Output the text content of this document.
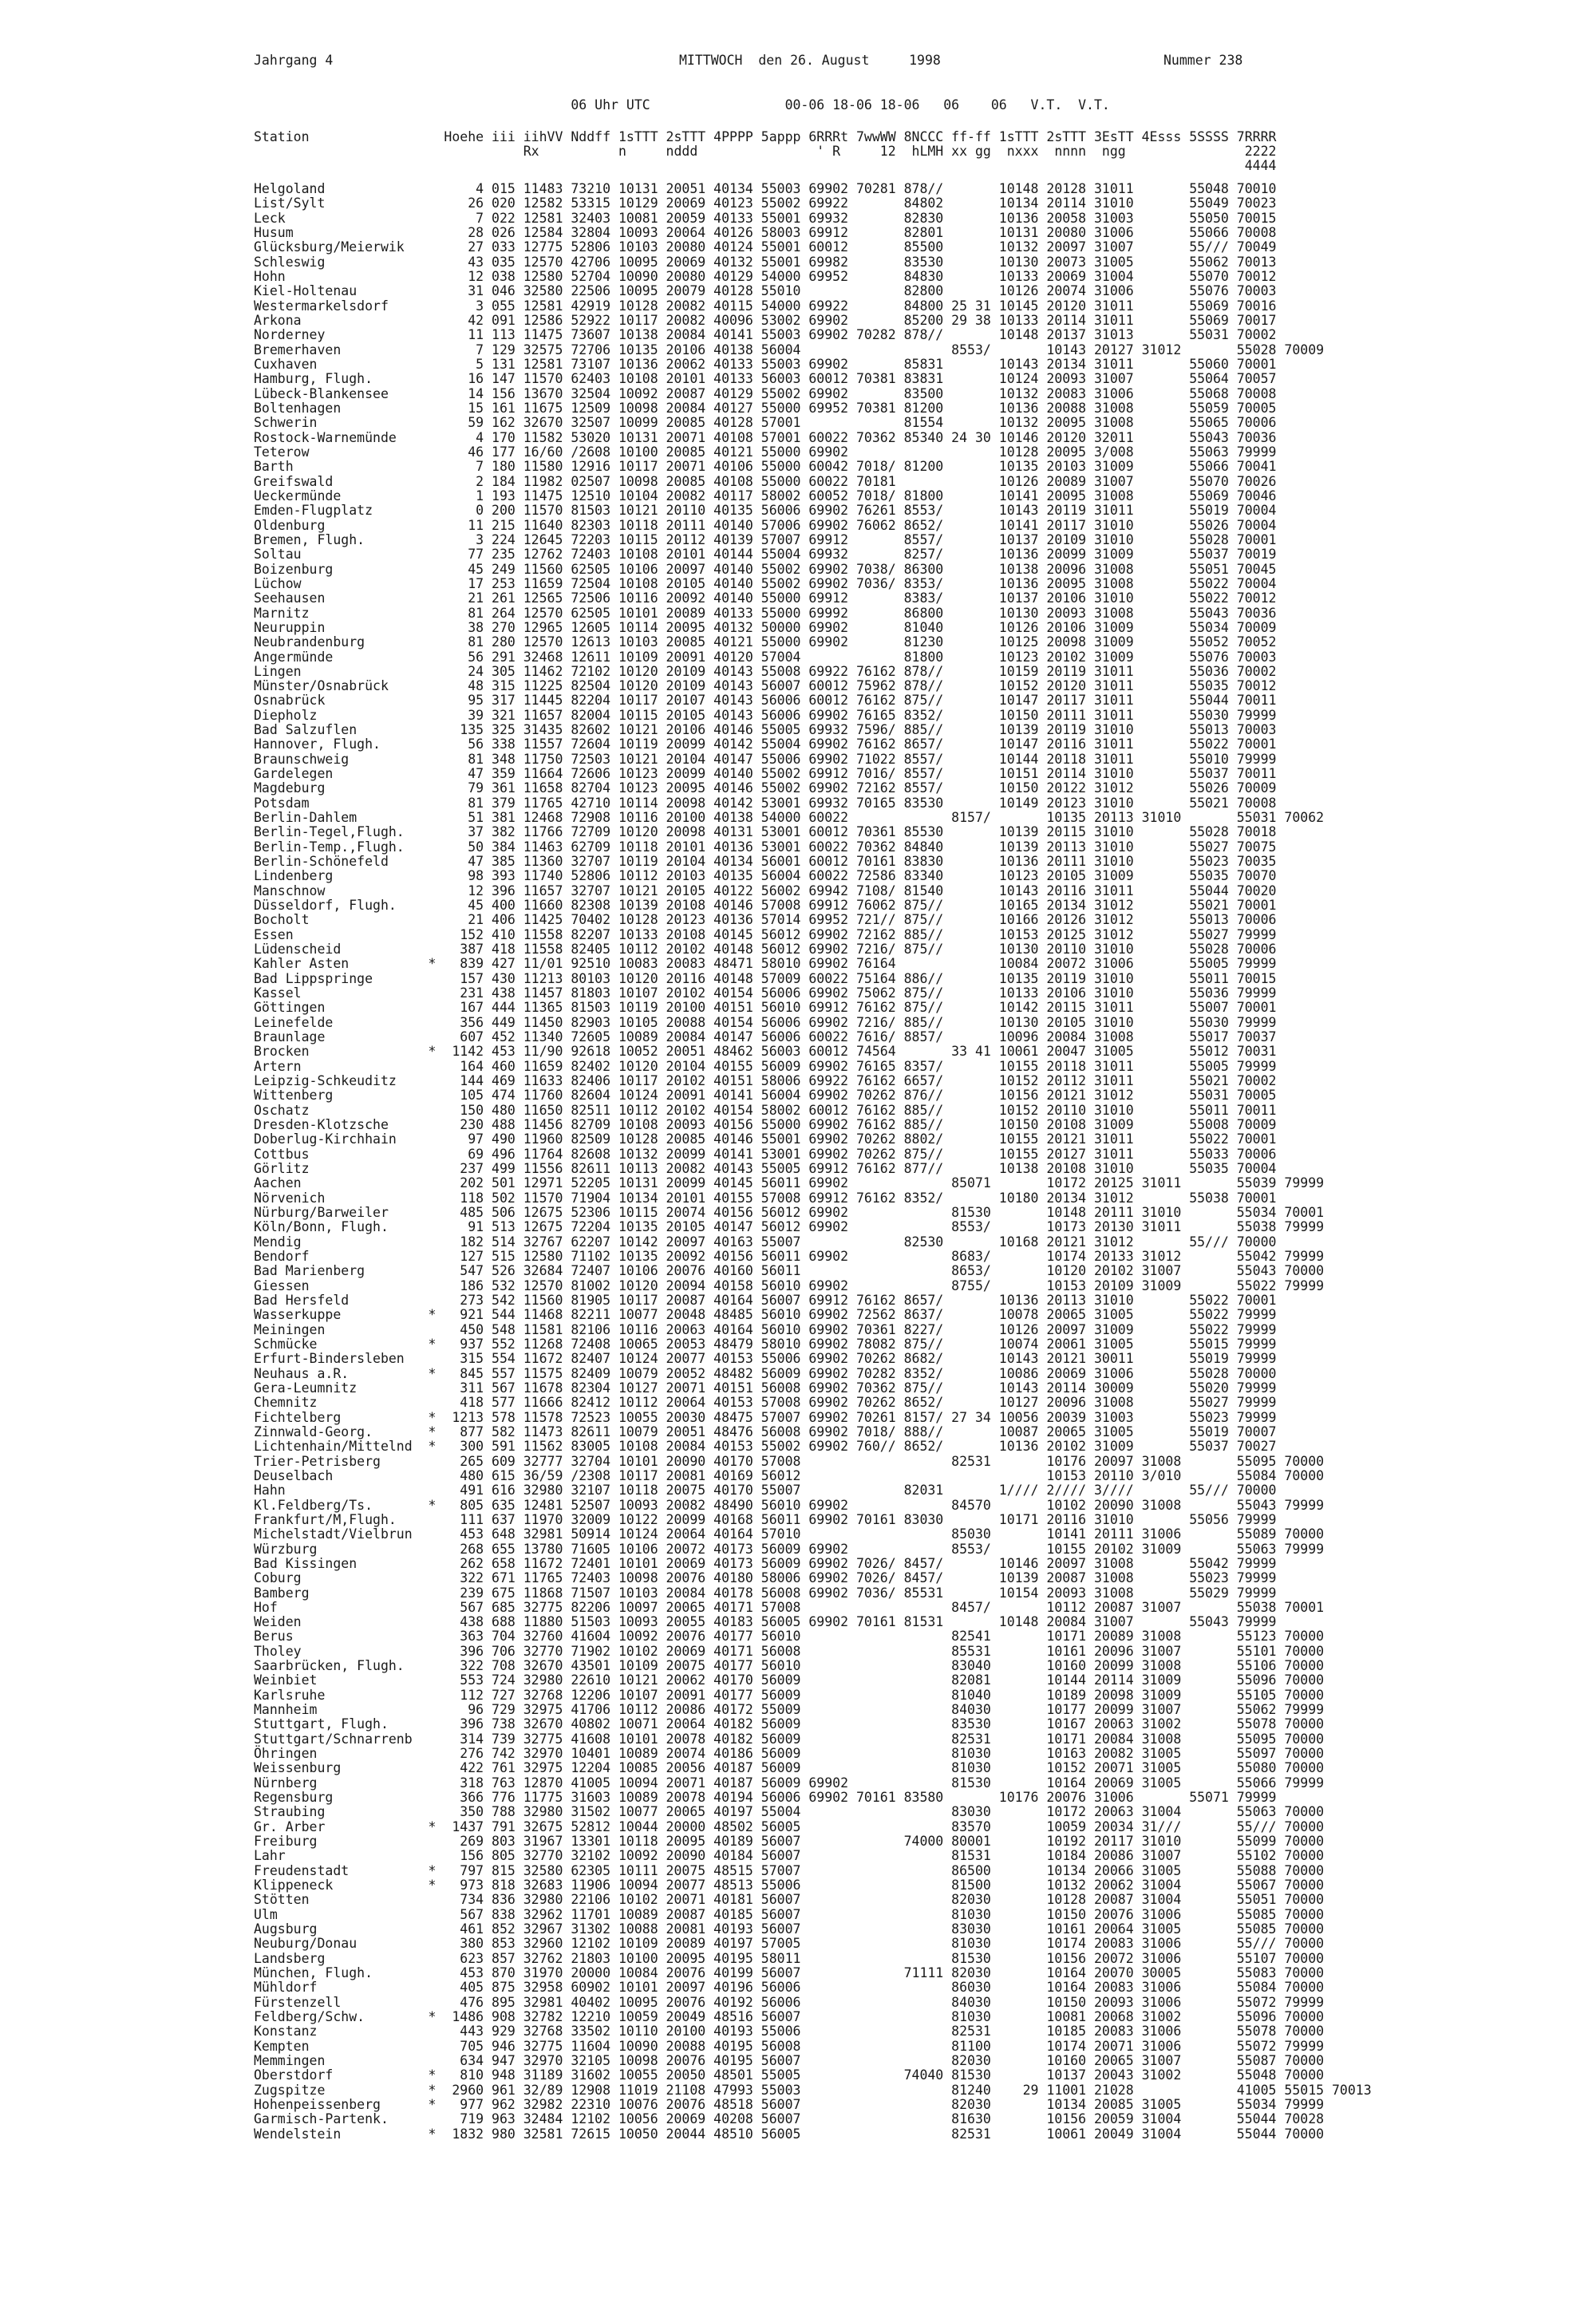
Jahrgang 4	MITTWOCH  den 26. August     1998	Nummer 238
06 Uhr UTC                 00-06 18-06 18-06   06    06   V.T.  V.T.
Station                 Hoehe iii iihVV Nddff 1sTTT 2sTTT 4PPPP 5appp 6RRRt 7wwWW 8NCCC ff-ff 1sTTT 2sTTT 3EsTT 4Esss 5SSSS 7RRRR
Rx          n     nddd               ' R     12  hLMH xx gg  nxxx  nnnn  ngg               2222
4444
Helgoland                   4 015 11483 73210 10131 20051 40134 55003 69902 70281 878//       10148 20128 31011       55048 70010
List/Sylt                  26 020 12582 53315 10129 20069 40123 55002 69922       84802       10134 20114 31010       55049 70023
Leck                        7 022 12581 32403 10081 20059 40133 55001 69932       82830       10136 20058 31003       55050 70015
Husum                      28 026 12584 32804 10093 20064 40126 58003 69912       82801       10131 20080 31006       55066 70008
Glücksburg/Meierwik        27 033 12775 52806 10103 20080 40124 55001 60012       85500       10132 20097 31007       55/// 70049
Schleswig                  43 035 12570 42706 10095 20069 40132 55001 69982       83530       10130 20073 31005       55062 70013
Hohn                       12 038 12580 52704 10090 20080 40129 54000 69952       84830       10133 20069 31004       55070 70012
Kiel-Holtenau              31 046 32580 22506 10095 20079 40128 55010             82800       10126 20074 31006       55076 70003
Westermarkelsdorf           3 055 12581 42919 10128 20082 40115 54000 69922       84800 25 31 10145 20120 31011       55069 70016
Arkona                     42 091 12586 52922 10117 20082 40096 53002 69902       85200 29 38 10133 20114 31011       55069 70017
Norderney                  11 113 11475 73607 10138 20084 40141 55003 69902 70282 878//       10148 20137 31013       55031 70002
Bremerhaven                 7 129 32575 72706 10135 20106 40138 56004                   8553/       10143 20127 31012       55028 70009
Cuxhaven                    5 131 12581 73107 10136 20062 40133 55003 69902       85831       10143 20134 31011       55060 70001
Hamburg, Flugh.            16 147 11570 62403 10108 20101 40133 56003 60012 70381 83831       10124 20093 31007       55064 70057
Lübeck-Blankensee          14 156 13670 32504 10092 20087 40129 55002 69902       83500       10132 20083 31006       55068 70008
Boltenhagen                15 161 11675 12509 10098 20084 40127 55000 69952 70381 81200       10136 20088 31008       55059 70005
Schwerin                   59 162 32670 32507 10099 20085 40128 57001             81554       10132 20095 31008       55065 70006
Rostock-Warnemünde          4 170 11582 53020 10131 20071 40108 57001 60022 70362 85340 24 30 10146 20120 32011       55043 70036
Teterow                    46 177 16/60 /2608 10100 20085 40121 55000 69902                   10128 20095 3/008       55063 79999
Barth                       7 180 11580 12916 10117 20071 40106 55000 60042 7018/ 81200       10135 20103 31009       55066 70041
Greifswald                  2 184 11982 02507 10098 20085 40108 55000 60022 70181             10126 20089 31007       55070 70026
Ueckermünde                 1 193 11475 12510 10104 20082 40117 58002 60052 7018/ 81800       10141 20095 31008       55069 70046
Emden-Flugplatz             0 200 11570 81503 10121 20110 40135 56006 69902 76261 8553/       10143 20119 31011       55019 70004
Oldenburg                  11 215 11640 82303 10118 20111 40140 57006 69902 76062 8652/       10141 20117 31010       55026 70004
Bremen, Flugh.              3 224 12645 72203 10115 20112 40139 57007 69912       8557/       10137 20109 31010       55028 70001
Soltau                     77 235 12762 72403 10108 20101 40144 55004 69932       8257/       10136 20099 31009       55037 70019
Boizenburg                 45 249 11560 62505 10106 20097 40140 55002 69902 7038/ 86300       10138 20096 31008       55051 70045
Lüchow                     17 253 11659 72504 10108 20105 40140 55002 69902 7036/ 8353/       10136 20095 31008       55022 70004
Seehausen                  21 261 12565 72506 10116 20092 40140 55000 69912       8383/       10137 20106 31010       55022 70012
Marnitz                    81 264 12570 62505 10101 20089 40133 55000 69992       86800       10130 20093 31008       55043 70036
Neuruppin                  38 270 12965 12605 10114 20095 40132 50000 69902       81040       10126 20106 31009       55034 70009
Neubrandenburg             81 280 12570 12613 10103 20085 40121 55000 69902       81230       10125 20098 31009       55052 70052
Angermünde                 56 291 32468 12611 10109 20091 40120 57004             81800       10123 20102 31009       55076 70003
Lingen                     24 305 11462 72102 10120 20109 40143 55008 69922 76162 878//       10159 20119 31011       55036 70002
Münster/Osnabrück          48 315 11225 82504 10120 20109 40143 56007 60012 75962 878//       10152 20120 31011       55035 70012
Osnabrück                  95 317 11445 82204 10117 20107 40143 56006 60012 76162 875//       10147 20117 31011       55044 70011
Diepholz                   39 321 11657 82004 10115 20105 40143 56006 69902 76165 8352/       10150 20111 31011       55030 79999
Bad Salzuflen             135 325 31435 82602 10121 20106 40146 55005 69932 7596/ 885//       10139 20119 31010       55013 70003
Hannover, Flugh.           56 338 11557 72604 10119 20099 40142 55004 69902 76162 8657/       10147 20116 31011       55022 70001
Braunschweig               81 348 11750 72503 10121 20104 40147 55006 69902 71022 8557/       10144 20118 31011       55010 79999
Gardelegen                 47 359 11664 72606 10123 20099 40140 55002 69912 7016/ 8557/       10151 20114 31010       55037 70011
Magdeburg                  79 361 11658 82704 10123 20095 40146 55002 69902 72162 8557/       10150 20122 31012       55026 70009
Potsdam                    81 379 11765 42710 10114 20098 40142 53001 69932 70165 83530       10149 20123 31010       55021 70008
Berlin-Dahlem              51 381 12468 72908 10116 20100 40138 54000 60022             8157/       10135 20113 31010       55031 70062
Berlin-Tegel,Flugh.        37 382 11766 72709 10120 20098 40131 53001 60012 70361 85530       10139 20115 31010       55028 70018
Berlin-Temp.,Flugh.        50 384 11463 62709 10118 20101 40136 53001 60022 70362 84840       10139 20113 31010       55027 70075
Berlin-Schönefeld          47 385 11360 32707 10119 20104 40134 56001 60012 70161 83830       10136 20111 31010       55023 70035
Lindenberg                 98 393 11740 52806 10112 20103 40135 56004 60022 72586 83340       10123 20105 31009       55035 70070
Manschnow                  12 396 11657 32707 10121 20105 40122 56002 69942 7108/ 81540       10143 20116 31011       55044 70020
Düsseldorf, Flugh.         45 400 11660 82308 10139 20108 40146 57008 69912 76062 875//       10165 20134 31012       55021 70001
Bocholt                    21 406 11425 70402 10128 20123 40136 57014 69952 721// 875//       10166 20126 31012       55013 70006
Essen                     152 410 11558 82207 10133 20108 40145 56012 69902 72162 885//       10153 20125 31012       55027 79999
Lüdenscheid               387 418 11558 82405 10112 20102 40148 56012 69902 7216/ 875//       10130 20110 31010       55028 70006
Kahler Asten          *   839 427 11/01 92510 10083 20083 48471 58010 69902 76164             10084 20072 31006       55005 79999
Bad Lippspringe           157 430 11213 80103 10120 20116 40148 57009 60022 75164 886//       10135 20119 31010       55011 70015
Kassel                    231 438 11457 81803 10107 20102 40154 56006 69902 75062 875//       10133 20106 31010       55036 79999
Göttingen                 167 444 11365 81503 10119 20100 40151 56010 69912 76162 875//       10142 20115 31011       55007 70001
Leinefelde                356 449 11450 82903 10105 20088 40154 56006 69902 7216/ 885//       10130 20105 31010       55030 79999
Braunlage                 607 452 11340 72605 10089 20084 40147 56006 60022 7616/ 8857/       10096 20084 31008       55017 70037
Brocken               *  1142 453 11/90 92618 10052 20051 48462 56003 60012 74564       33 41 10061 20047 31005       55012 70031
Artern                    164 460 11659 82402 10120 20104 40155 56009 69902 76165 8357/       10155 20118 31011       55005 79999
Leipzig-Schkeuditz        144 469 11633 82406 10117 20102 40151 58006 69922 76162 6657/       10152 20112 31011       55021 70002
Wittenberg                105 474 11760 82604 10124 20091 40141 56004 69902 70262 876//       10156 20121 31012       55031 70005
Oschatz                   150 480 11650 82511 10112 20102 40154 58002 60012 76162 885//       10152 20110 31010       55011 70011
Dresden-Klotzsche         230 488 11456 82709 10108 20093 40156 55000 69902 76162 885//       10150 20108 31009       55008 70009
Doberlug-Kirchhain         97 490 11960 82509 10128 20085 40146 55001 69902 70262 8802/       10155 20121 31011       55022 70001
Cottbus                    69 496 11764 82608 10132 20099 40141 53001 69902 70262 875//       10155 20127 31011       55033 70006
Görlitz                   237 499 11556 82611 10113 20082 40143 55005 69912 76162 877//       10138 20108 31010       55035 70004
Aachen                    202 501 12971 52205 10131 20099 40145 56011 69902             85071       10172 20125 31011       55039 79999
Nörvenich                 118 502 11570 71904 10134 20101 40155 57008 69912 76162 8352/       10180 20134 31012       55038 70001
Nürburg/Barweiler         485 506 12675 52306 10115 20074 40156 56012 69902             81530       10148 20111 31010       55034 70001
Köln/Bonn, Flugh.          91 513 12675 72204 10135 20105 40147 56012 69902             8553/       10173 20130 31011       55038 79999
Mendig                    182 514 32767 62207 10142 20097 40163 55007             82530       10168 20121 31012       55/// 70000
Bendorf                   127 515 12580 71102 10135 20092 40156 56011 69902             8683/       10174 20133 31012       55042 79999
Bad Marienberg            547 526 32684 72407 10106 20076 40160 56011                   8653/       10120 20102 31007       55043 70000
Giessen                   186 532 12570 81002 10120 20094 40158 56010 69902             8755/       10153 20109 31009       55022 79999
Bad Hersfeld              273 542 11560 81905 10117 20087 40164 56007 69912 76162 8657/       10136 20113 31010       55022 70001
Wasserkuppe           *   921 544 11468 82211 10077 20048 48485 56010 69902 72562 8637/       10078 20065 31005       55022 79999
Meiningen                 450 548 11581 82106 10116 20063 40164 56010 69902 70361 8227/       10126 20097 31009       55022 79999
Schmücke              *   937 552 11268 72408 10065 20053 48479 58010 69902 78082 875//       10074 20061 31005       55015 79999
Erfurt-Bindersleben       315 554 11672 82407 10124 20077 40153 55006 69902 70262 8682/       10143 20121 30011       55019 79999
Neuhaus a.R.          *   845 557 11575 82409 10079 20052 48482 56009 69902 70282 8352/       10086 20069 31006       55028 70000
Gera-Leumnitz             311 567 11678 82304 10127 20071 40151 56008 69902 70362 875//       10143 20114 30009       55020 79999
Chemnitz                  418 577 11666 82412 10112 20064 40153 57008 69902 70262 8652/       10127 20096 31008       55027 79999
Fichtelberg           *  1213 578 11578 72523 10055 20030 48475 57007 69902 70261 8157/ 27 34 10056 20039 31003       55023 79999
Zinnwald-Georg.       *   877 582 11473 82611 10079 20051 48476 56008 69902 7018/ 888//       10087 20065 31005       55019 70007
Lichtenhain/Mittelnd  *   300 591 11562 83005 10108 20084 40153 55002 69902 760// 8652/       10136 20102 31009       55037 70027
Trier-Petrisberg          265 609 32777 32704 10101 20090 40170 57008                   82531       10176 20097 31008       55095 70000
Deuselbach                480 615 36/59 /2308 10117 20081 40169 56012                               10153 20110 3/010       55084 70000
Hahn                      491 616 32980 32107 10118 20075 40170 55007             82031       1//// 2//// 3////       55/// 70000
Kl.Feldberg/Ts.       *   805 635 12481 52507 10093 20082 48490 56010 69902             84570       10102 20090 31008       55043 79999
Frankfurt/M,Flugh.        111 637 11970 32009 10122 20099 40168 56011 69902 70161 83030       10171 20116 31010       55056 79999
Michelstadt/Vielbrun      453 648 32981 50914 10124 20064 40164 57010                   85030       10141 20111 31006       55089 70000
Würzburg                  268 655 13780 71605 10106 20072 40173 56009 69902             8553/       10155 20102 31009       55063 79999
Bad Kissingen             262 658 11672 72401 10101 20069 40173 56009 69902 7026/ 8457/       10146 20097 31008       55042 79999
Coburg                    322 671 11765 72403 10098 20076 40180 58006 69902 7026/ 8457/       10139 20087 31008       55023 79999
Bamberg                   239 675 11868 71507 10103 20084 40178 56008 69902 7036/ 85531       10154 20093 31008       55029 79999
Hof                       567 685 32775 82206 10097 20065 40171 57008                   8457/       10112 20087 31007       55038 70001
Weiden                    438 688 11880 51503 10093 20055 40183 56005 69902 70161 81531       10148 20084 31007       55043 79999
Berus                     363 704 32760 41604 10092 20076 40177 56010                   82541       10171 20089 31008       55123 70000
Tholey                    396 706 32770 71902 10102 20069 40171 56008                   85531       10161 20096 31007       55101 70000
Saarbrücken, Flugh.       322 708 32670 43501 10109 20075 40177 56010                   83040       10160 20099 31008       55106 70000
Weinbiet                  553 724 32980 22610 10121 20062 40170 56009                   82081       10144 20114 31009       55096 70000
Karlsruhe                 112 727 32768 12206 10107 20091 40177 56009                   81040       10189 20098 31009       55105 70000
Mannheim                   96 729 32975 41706 10112 20086 40172 55009                   84030       10177 20099 31007       55062 79999
Stuttgart, Flugh.         396 738 32670 40802 10071 20064 40182 56009                   83530       10167 20063 31002       55078 70000
Stuttgart/Schnarrenb      314 739 32775 41608 10101 20078 40182 56009                   82531       10171 20084 31008       55095 70000
Öhringen                  276 742 32970 10401 10089 20074 40186 56009                   81030       10163 20082 31005       55097 70000
Weissenburg               422 761 32975 12204 10085 20056 40187 56009                   81030       10152 20071 31005       55080 70000
Nürnberg                  318 763 12870 41005 10094 20071 40187 56009 69902             81530       10164 20069 31005       55066 79999
Regensburg                366 776 11775 31603 10089 20078 40194 56006 69902 70161 83580       10176 20076 31006       55071 79999
Straubing                 350 788 32980 31502 10077 20065 40197 55004                   83030       10172 20063 31004       55063 70000
Gr. Arber             *  1437 791 32675 52812 10044 20000 48502 56005                   83570       10059 20034 31///       55/// 70000
Freiburg                  269 803 31967 13301 10118 20095 40189 56007             74000 80001       10192 20117 31010       55099 70000
Lahr                      156 805 32770 32102 10092 20090 40184 56007                   81531       10184 20086 31007       55102 70000
Freudenstadt          *   797 815 32580 62305 10111 20075 48515 57007                   86500       10134 20066 31005       55088 70000
Klippeneck            *   973 818 32683 11906 10094 20077 48513 55006                   81500       10132 20062 31004       55067 70000
Stötten                   734 836 32980 22106 10102 20071 40181 56007                   82030       10128 20087 31004       55051 70000
Ulm                       567 838 32962 11701 10089 20087 40185 56007                   81030       10150 20076 31006       55085 70000
Augsburg                  461 852 32967 31302 10088 20081 40193 56007                   83030       10161 20064 31005       55085 70000
Neuburg/Donau             380 853 32960 12102 10109 20089 40197 57005                   81030       10174 20083 31006       55/// 70000
Landsberg                 623 857 32762 21803 10100 20095 40195 58011                   81530       10156 20072 31006       55107 70000
München, Flugh.           453 870 31970 20000 10084 20076 40199 56007             71111 82030       10164 20070 30005       55083 70000
Mühldorf                  405 875 32958 60902 10101 20097 40196 56006                   86030       10164 20083 31006       55084 70000
Fürstenzell               476 895 32981 40402 10095 20076 40192 56006                   84030       10150 20093 31006       55072 79999
Feldberg/Schw.        *  1486 908 32782 12210 10059 20049 48516 56007                   81030       10081 20068 31002       55096 70000
Konstanz                  443 929 32768 33502 10110 20100 40193 55006                   82531       10185 20083 31006       55078 70000
Kempten                   705 946 32775 11604 10090 20088 40195 56008                   81100       10174 20071 31006       55072 79999
Memmingen                 634 947 32970 32105 10098 20076 40195 56007                   82030       10160 20065 31007       55087 70000
Oberstdorf            *   810 948 31189 31602 10055 20050 48501 55005             74040 81530       10137 20043 31002       55048 70000
Zugspitze             *  2960 961 32/89 12908 11019 21108 47993 55003                   81240    29 11001 21028             41005 55015 70013
Hohenpeissenberg      *   977 962 32982 22310 10076 20076 48518 56007                   82030       10134 20085 31005       55034 79999
Garmisch-Partenk.         719 963 32484 12102 10056 20069 40208 56007                   81630       10156 20059 31004       55044 70028
Wendelstein           *  1832 980 32581 72615 10050 20044 48510 56005                   82531       10061 20049 31004       55044 70000
